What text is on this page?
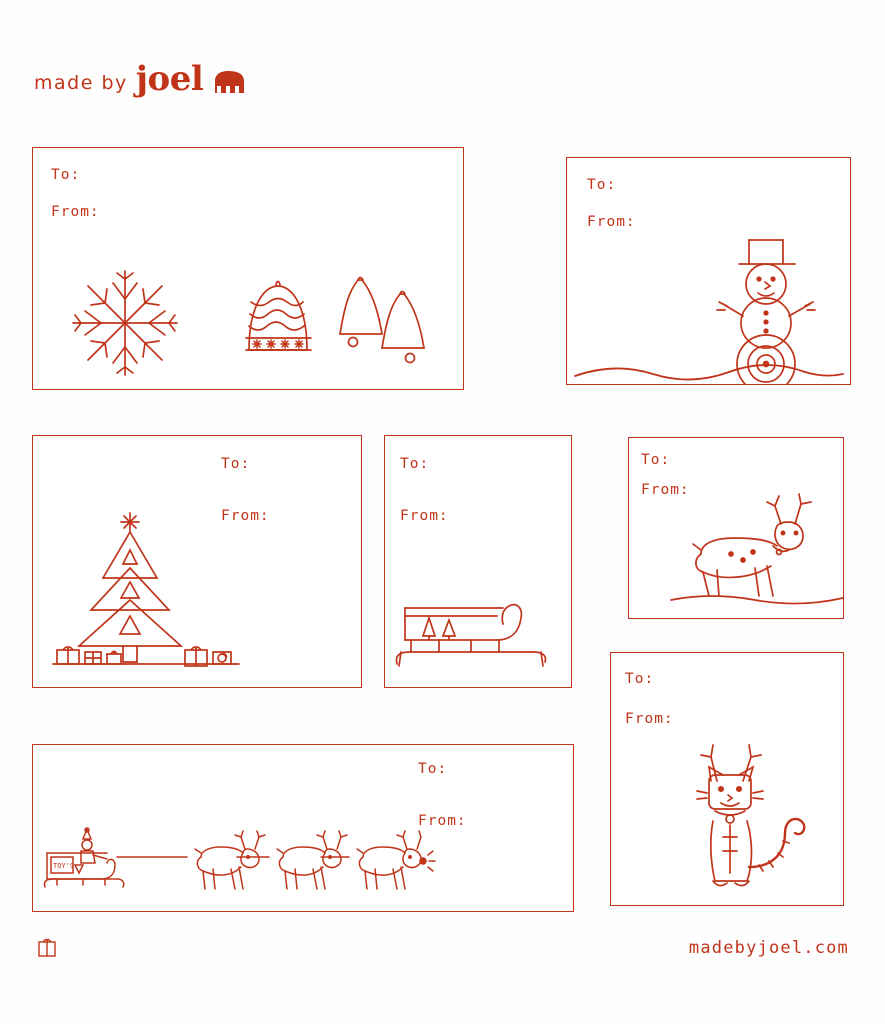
made by joel
To:
From:
To:
From:
To:
From:
To:
From:
To:
From:
To:
From:
To:
From:
TOY'S
madebyjoel.com
